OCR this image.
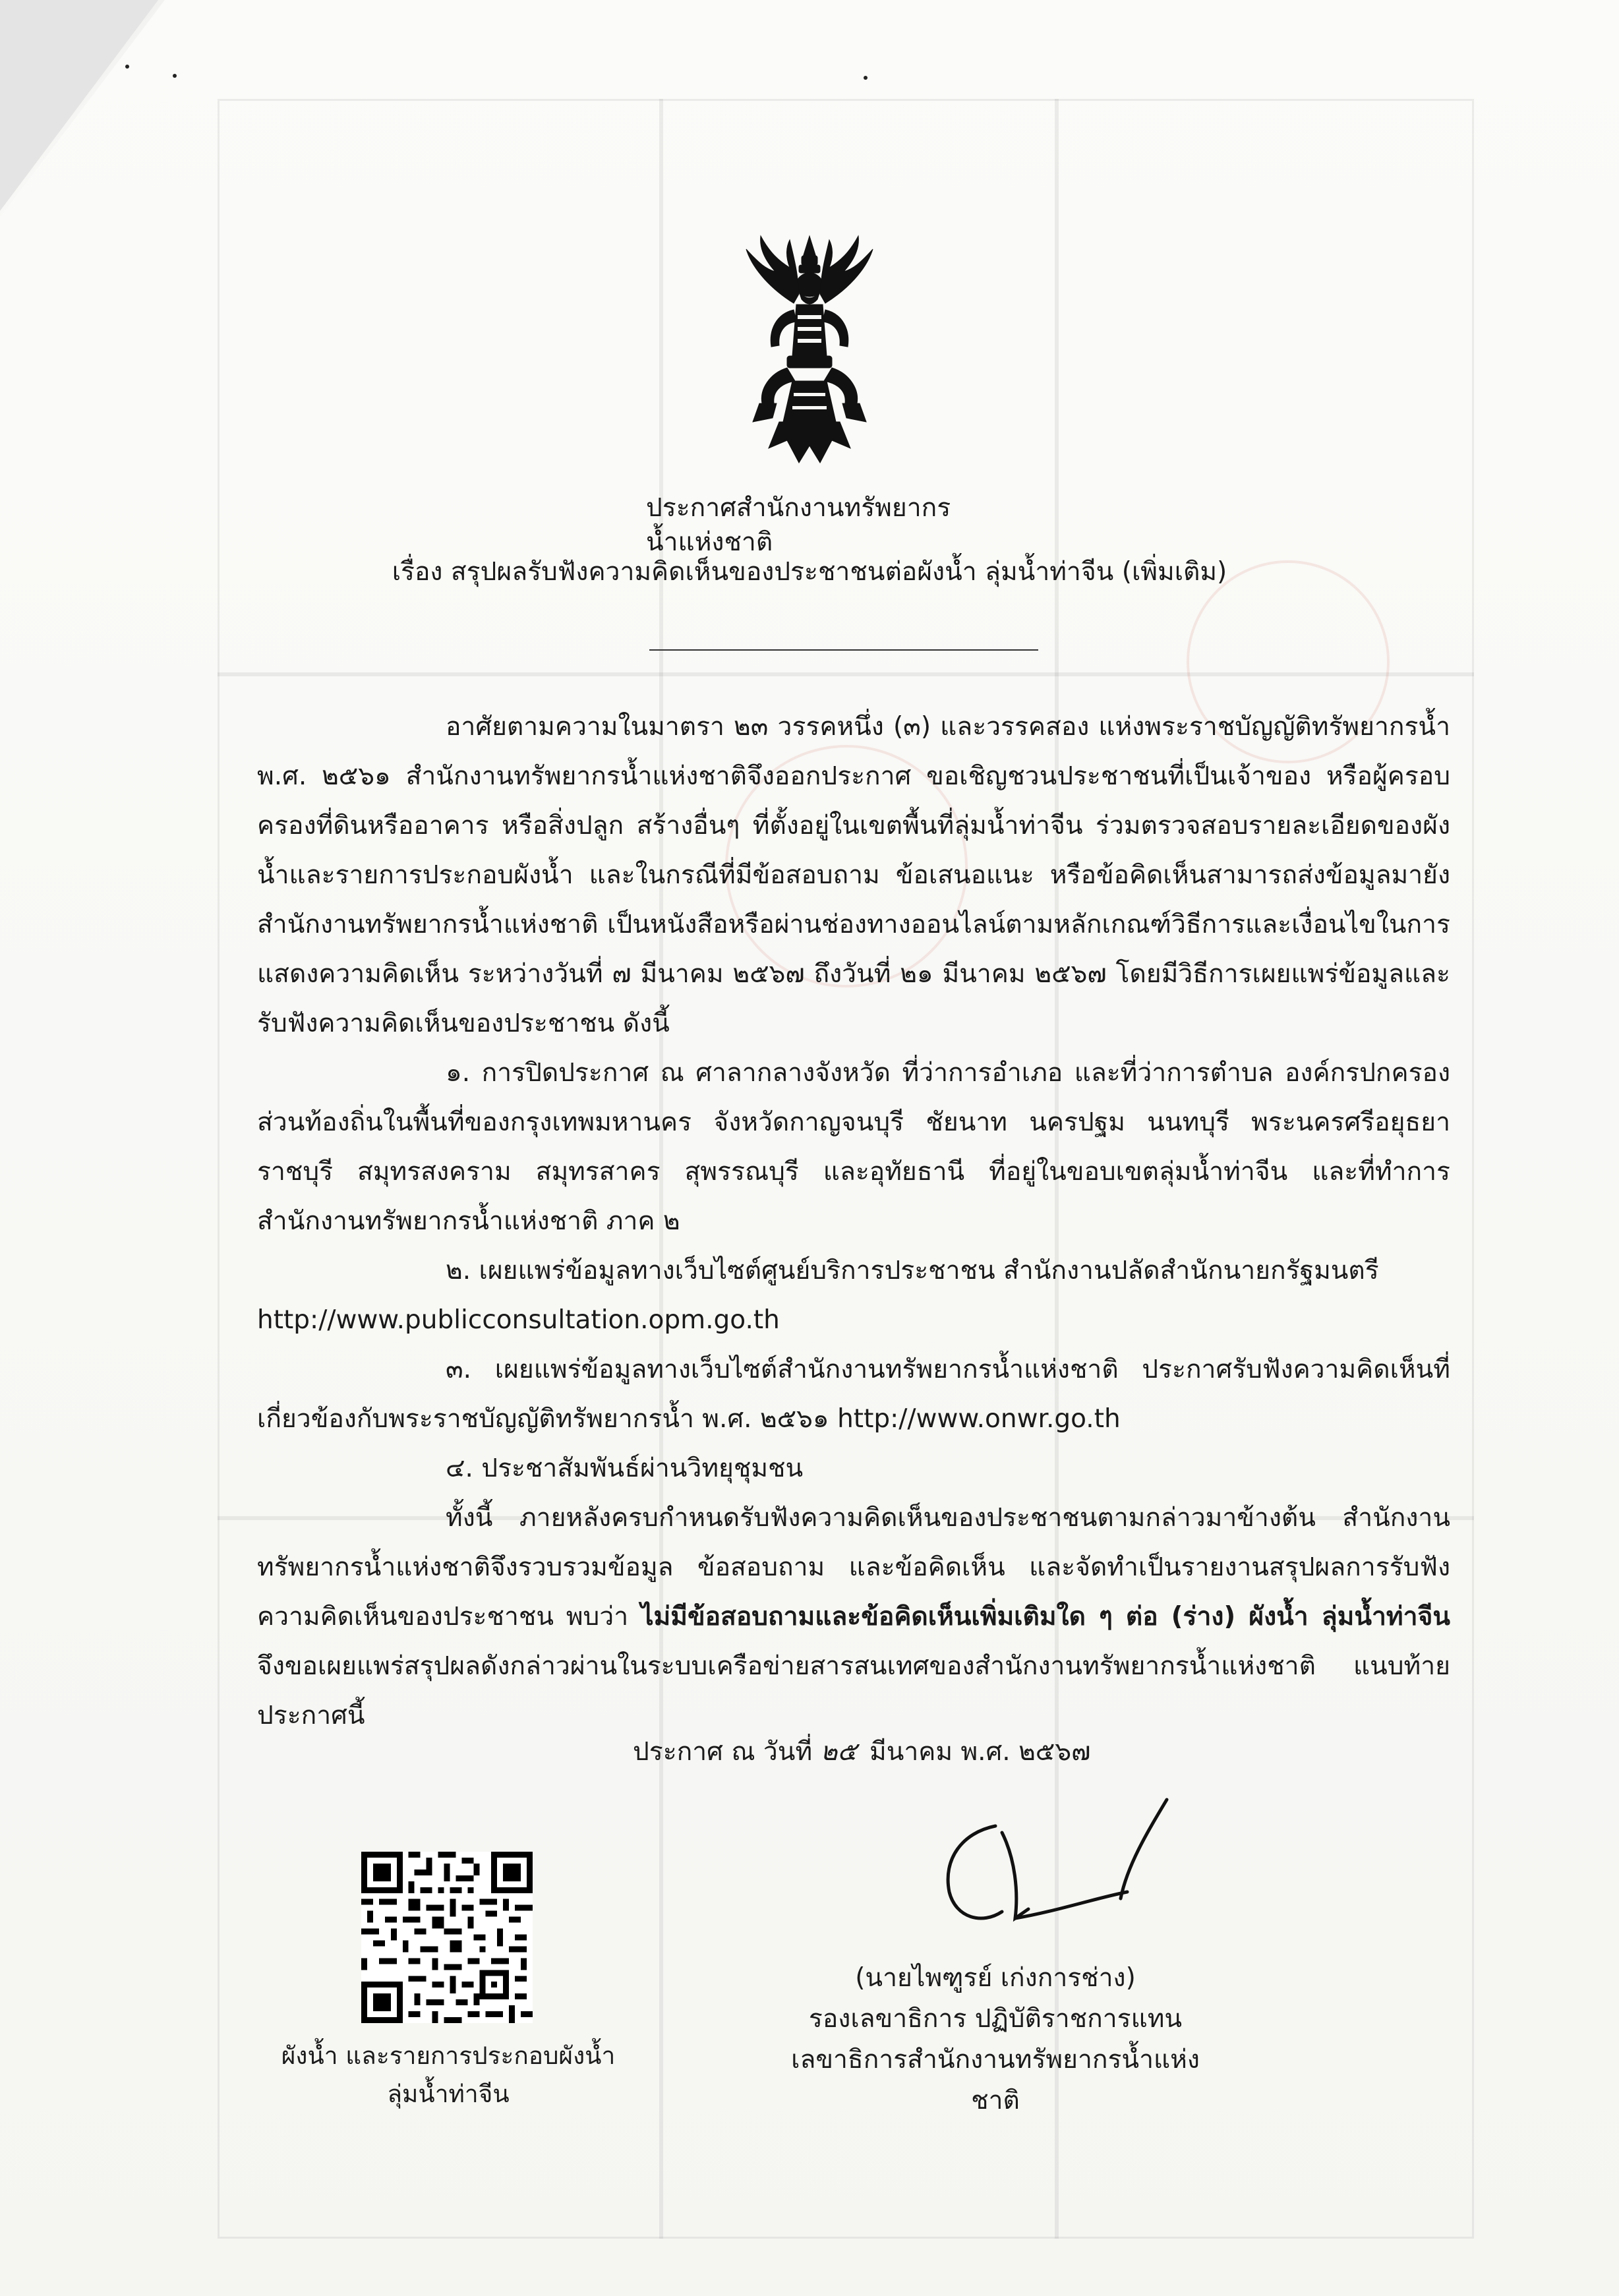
ประกาศสำนักงานทรัพยากรน้ำแห่งชาติ
เรื่อง สรุปผลรับฟังความคิดเห็นของประชาชนต่อผังน้ำ ลุ่มน้ำท่าจีน (เพิ่มเติม)

อาศัยตามความในมาตรา ๒๓ วรรคหนึ่ง (๓) และวรรคสอง แห่งพระราชบัญญัติทรัพยากรน้ำ พ.ศ. ๒๕๖๑ สำนักงานทรัพยากรน้ำแห่งชาติจึงออกประกาศ ขอเชิญชวนประชาชนที่เป็นเจ้าของ หรือผู้ครอบครองที่ดินหรืออาคาร หรือสิ่งปลูก สร้างอื่นๆ ที่ตั้งอยู่ในเขตพื้นที่ลุ่มน้ำท่าจีน ร่วมตรวจสอบรายละเอียดของผังน้ำและรายการประกอบผังน้ำ และในกรณีที่มีข้อสอบถาม ข้อเสนอแนะ หรือข้อคิดเห็นสามารถส่งข้อมูลมายังสำนักงานทรัพยากรน้ำแห่งชาติ เป็นหนังสือหรือผ่านช่องทางออนไลน์ตามหลักเกณฑ์วิธีการและเงื่อนไขในการแสดงความคิดเห็น ระหว่างวันที่ ๗ มีนาคม ๒๕๖๗ ถึงวันที่ ๒๑ มีนาคม ๒๕๖๗ โดยมีวิธีการเผยแพร่ข้อมูลและรับฟังความคิดเห็นของประชาชน ดังนี้

๑. การปิดประกาศ ณ ศาลากลางจังหวัด ที่ว่าการอำเภอ และที่ว่าการตำบล องค์กรปกครองส่วนท้องถิ่นในพื้นที่ของกรุงเทพมหานคร จังหวัดกาญจนบุรี ชัยนาท นครปฐม นนทบุรี พระนครศรีอยุธยา ราชบุรี สมุทรสงคราม สมุทรสาคร สุพรรณบุรี และอุทัยธานี ที่อยู่ในขอบเขตลุ่มน้ำท่าจีน และที่ทำการสำนักงานทรัพยากรน้ำแห่งชาติ ภาค ๒

๒. เผยแพร่ข้อมูลทางเว็บไซต์ศูนย์บริการประชาชน สำนักงานปลัดสำนักนายกรัฐมนตรี

http://www.publicconsultation.opm.go.th

๓. เผยแพร่ข้อมูลทางเว็บไซต์สำนักงานทรัพยากรน้ำแห่งชาติ ประกาศรับฟังความคิดเห็นที่เกี่ยวข้องกับพระราชบัญญัติทรัพยากรน้ำ พ.ศ. ๒๕๖๑ http://www.onwr.go.th

๔. ประชาสัมพันธ์ผ่านวิทยุชุมชน

ทั้งนี้ ภายหลังครบกำหนดรับฟังความคิดเห็นของประชาชนตามกล่าวมาข้างต้น สำนักงานทรัพยากรน้ำแห่งชาติจึงรวบรวมข้อมูล ข้อสอบถาม และข้อคิดเห็น และจัดทำเป็นรายงานสรุปผลการรับฟังความคิดเห็นของประชาชน พบว่า ไม่มีข้อสอบถามและข้อคิดเห็นเพิ่มเติมใด ๆ ต่อ (ร่าง) ผังน้ำ ลุ่มน้ำท่าจีน จึงขอเผยแพร่สรุปผลดังกล่าวผ่านในระบบเครือข่ายสารสนเทศของสำนักงานทรัพยากรน้ำแห่งชาติ แนบท้ายประกาศนี้

ประกาศ ณ วันที่ ๒๕ มีนาคม พ.ศ. ๒๕๖๗
(นายไพฑูรย์ เก่งการช่าง)
รองเลขาธิการ ปฏิบัติราชการแทน
เลขาธิการสำนักงานทรัพยากรน้ำแห่งชาติ
ผังน้ำ และรายการประกอบผังน้ำ
ลุ่มน้ำท่าจีน
